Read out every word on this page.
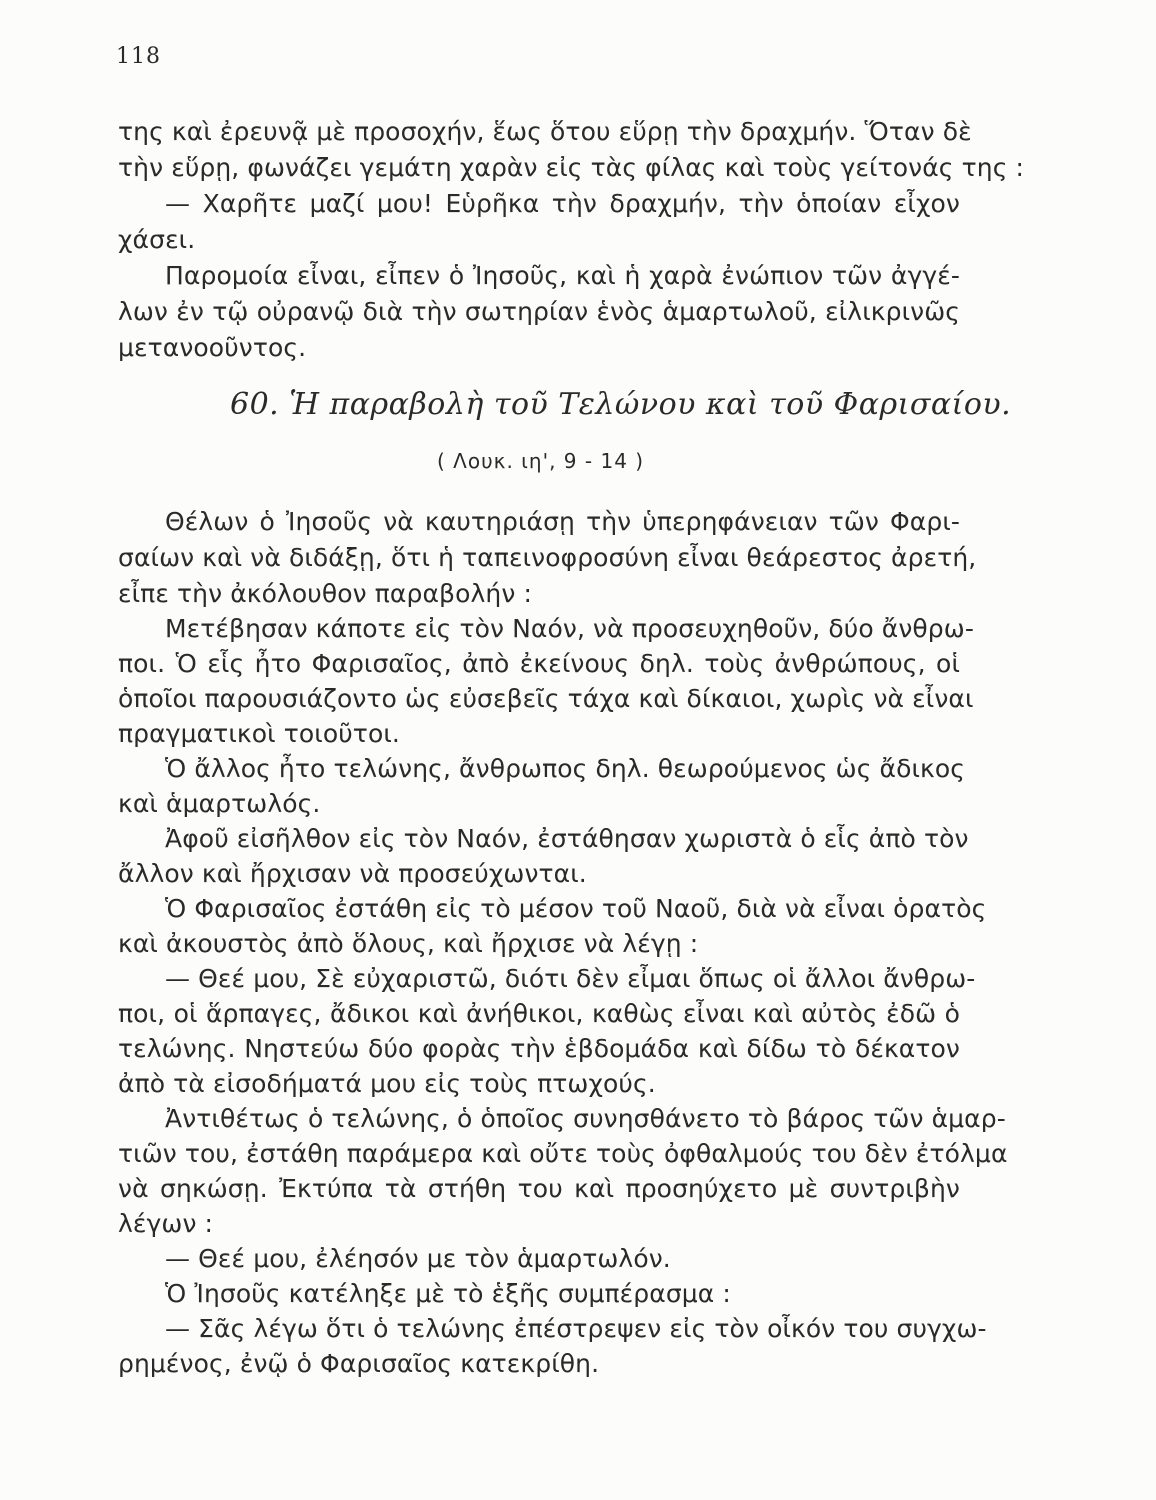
118
της καὶ ἐρευνᾷ μὲ προσοχήν, ἕως ὅτου εὕρῃ τὴν δραχμήν. Ὅταν δὲ
τὴν εὕρῃ, φωνάζει γεμάτη χαρὰν εἰς τὰς φίλας καὶ τοὺς γείτονάς της :
— Χαρῆτε μαζί μου! Εὑρῆκα τὴν δραχμήν, τὴν ὁποίαν εἶχον
χάσει.
Παρομοία εἶναι, εἶπεν ὁ Ἰησοῦς, καὶ ἡ χαρὰ ἐνώπιον τῶν ἀγγέ-
λων ἐν τῷ οὐρανῷ διὰ τὴν σωτηρίαν ἑνὸς ἁμαρτωλοῦ, εἰλικρινῶς
μετανοοῦντος.
60. Ἡ παραβολὴ τοῦ Τελώνου καὶ τοῦ Φαρισαίου.
( Λουκ. ιη', 9 - 14 )
Θέλων ὁ Ἰησοῦς νὰ καυτηριάσῃ τὴν ὑπερηφάνειαν τῶν Φαρι-
σαίων καὶ νὰ διδάξῃ, ὅτι ἡ ταπεινοφροσύνη εἶναι θεάρεστος ἀρετή,
εἶπε τὴν ἀκόλουθον παραβολήν :
Μετέβησαν κάποτε εἰς τὸν Ναόν, νὰ προσευχηθοῦν, δύο ἄνθρω-
ποι. Ὁ εἷς ἦτο Φαρισαῖος, ἀπὸ ἐκείνους δηλ. τοὺς ἀνθρώπους, οἱ
ὁποῖοι παρουσιάζοντο ὡς εὐσεβεῖς τάχα καὶ δίκαιοι, χωρὶς νὰ εἶναι
πραγματικοὶ τοιοῦτοι.
Ὁ ἄλλος ἦτο τελώνης, ἄνθρωπος δηλ. θεωρούμενος ὡς ἄδικος
καὶ ἁμαρτωλός.
Ἀφοῦ εἰσῆλθον εἰς τὸν Ναόν, ἐστάθησαν χωριστὰ ὁ εἷς ἀπὸ τὸν
ἄλλον καὶ ἤρχισαν νὰ προσεύχωνται.
Ὁ Φαρισαῖος ἐστάθη εἰς τὸ μέσον τοῦ Ναοῦ, διὰ νὰ εἶναι ὁρατὸς
καὶ ἀκουστὸς ἀπὸ ὅλους, καὶ ἤρχισε νὰ λέγῃ :
— Θεέ μου, Σὲ εὐχαριστῶ, διότι δὲν εἶμαι ὅπως οἱ ἄλλοι ἄνθρω-
ποι, οἱ ἅρπαγες, ἄδικοι καὶ ἀνήθικοι, καθὼς εἶναι καὶ αὐτὸς ἐδῶ ὁ
τελώνης. Νηστεύω δύο φορὰς τὴν ἑβδομάδα καὶ δίδω τὸ δέκατον
ἀπὸ τὰ εἰσοδήματά μου εἰς τοὺς πτωχούς.
Ἀντιθέτως ὁ τελώνης, ὁ ὁποῖος συνησθάνετο τὸ βάρος τῶν ἁμαρ-
τιῶν του, ἐστάθη παράμερα καὶ οὔτε τοὺς ὀφθαλμούς του δὲν ἐτόλμα
νὰ σηκώσῃ. Ἐκτύπα τὰ στήθη του καὶ προσηύχετο μὲ συντριβὴν
λέγων :
— Θεέ μου, ἐλέησόν με τὸν ἁμαρτωλόν.
Ὁ Ἰησοῦς κατέληξε μὲ τὸ ἑξῆς συμπέρασμα :
— Σᾶς λέγω ὅτι ὁ τελώνης ἐπέστρεψεν εἰς τὸν οἶκόν του συγχω-
ρημένος, ἐνῷ ὁ Φαρισαῖος κατεκρίθη.
